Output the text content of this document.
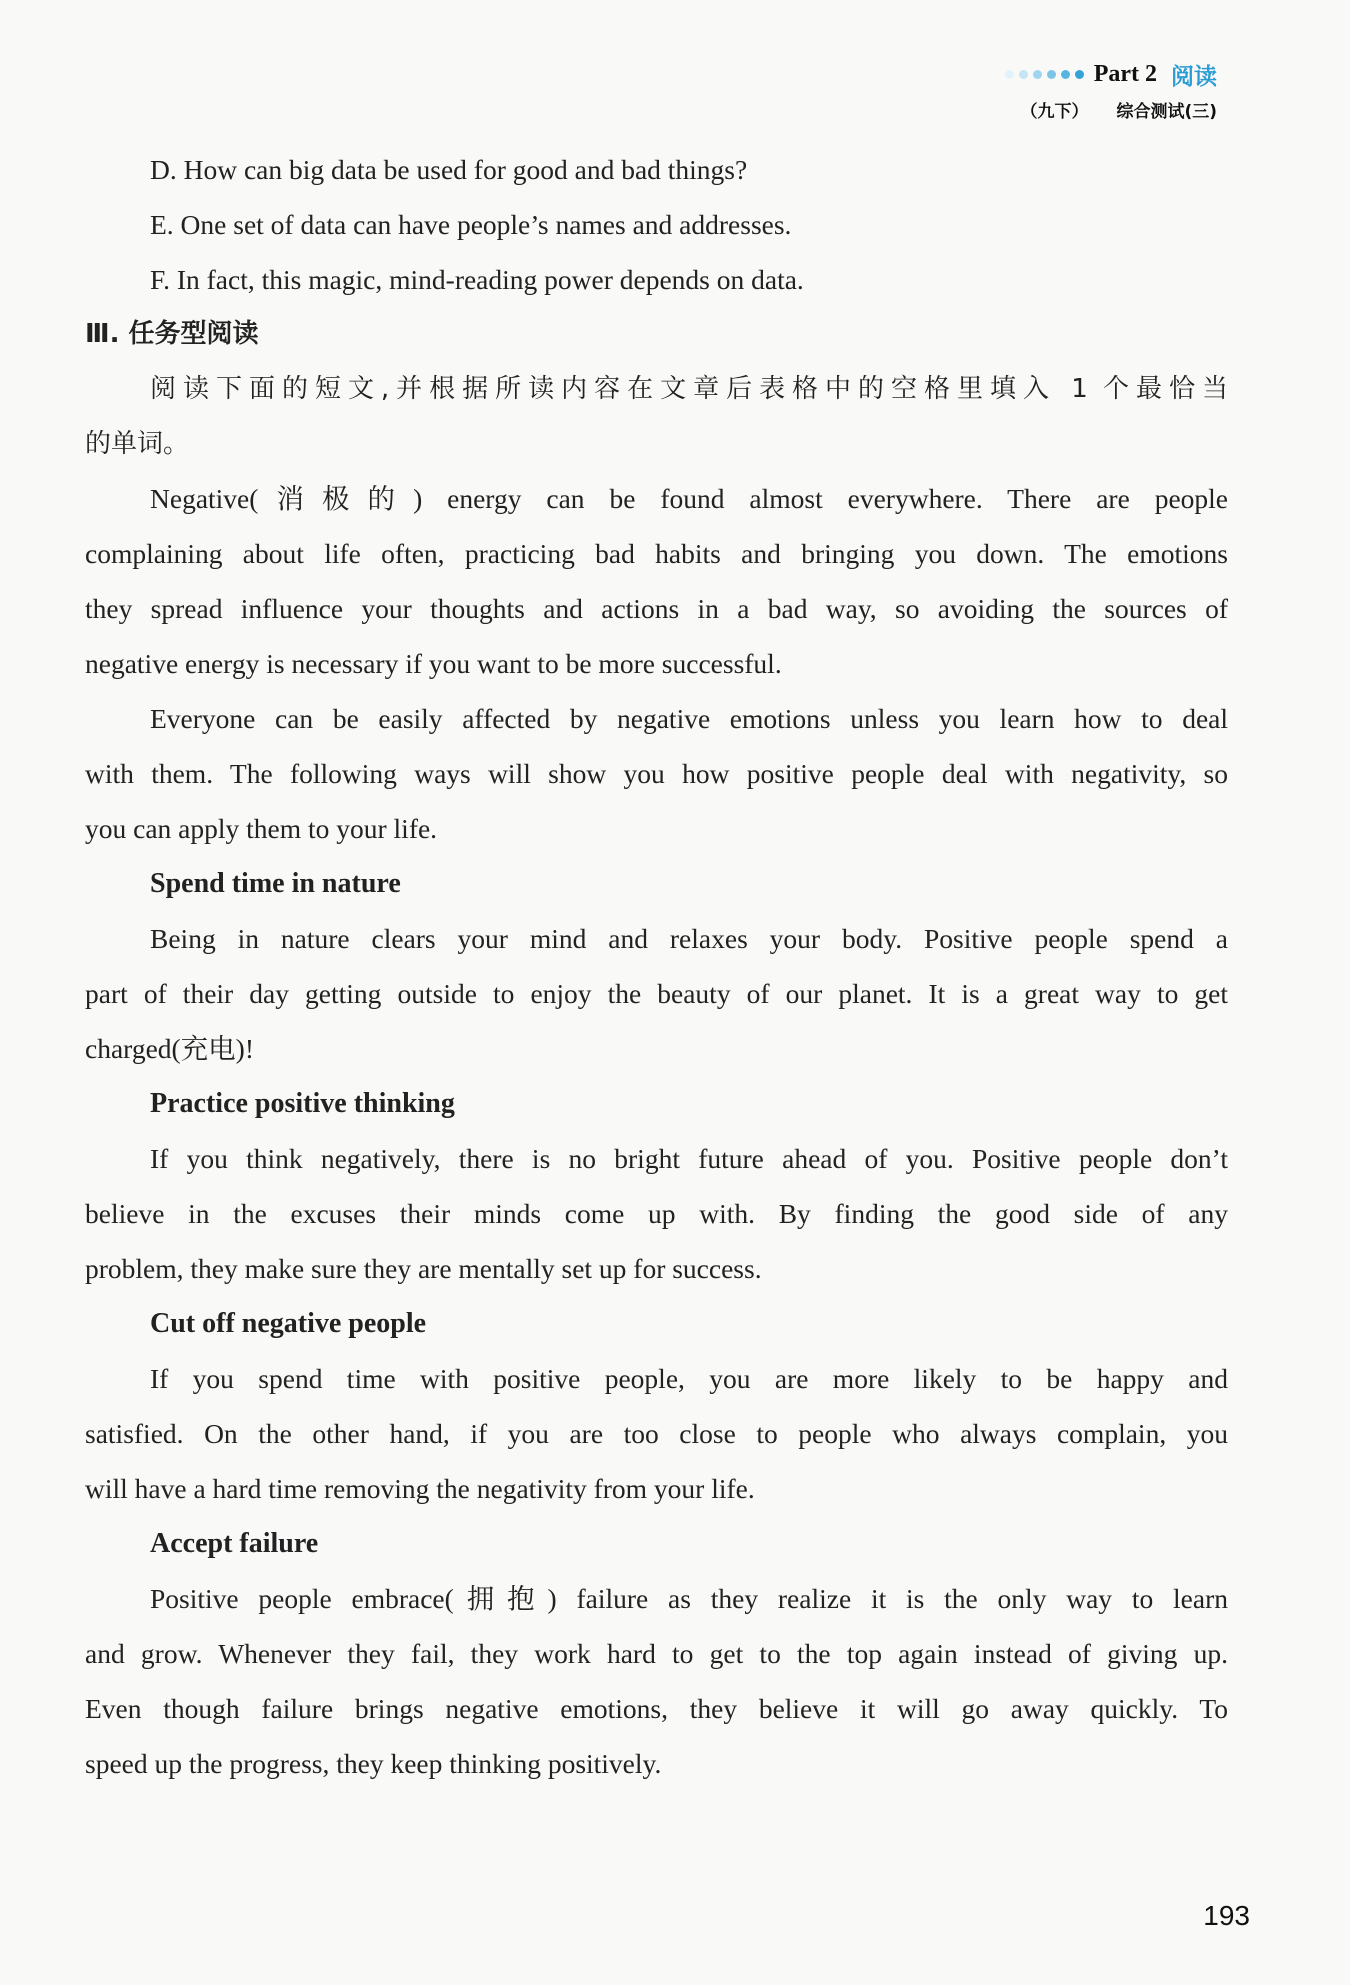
Part 2 阅读
（九下） 综合测试(三)
D. How can big data be used for good and bad things?
E. One set of data can have people’s names and addresses.
F. In fact, this magic, mind-reading power depends on data.
Ⅲ. 任务型阅读
阅读下面的短文,并根据所读内容在文章后表格中的空格里填入 1 个最恰当
的单词。
Negative(消极的) energy can be found almost everywhere. There are people
complaining about life often, practicing bad habits and bringing you down. The emotions
they spread influence your thoughts and actions in a bad way, so avoiding the sources of
negative energy is necessary if you want to be more successful.
Everyone can be easily affected by negative emotions unless you learn how to deal
with them. The following ways will show you how positive people deal with negativity, so
you can apply them to your life.
Spend time in nature
Being in nature clears your mind and relaxes your body. Positive people spend a
part of their day getting outside to enjoy the beauty of our planet. It is a great way to get
charged(充电)!
Practice positive thinking
If you think negatively, there is no bright future ahead of you. Positive people don’t
believe in the excuses their minds come up with. By finding the good side of any
problem, they make sure they are mentally set up for success.
Cut off negative people
If you spend time with positive people, you are more likely to be happy and
satisfied. On the other hand, if you are too close to people who always complain, you
will have a hard time removing the negativity from your life.
Accept failure
Positive people embrace(拥抱) failure as they realize it is the only way to learn
and grow. Whenever they fail, they work hard to get to the top again instead of giving up.
Even though failure brings negative emotions, they believe it will go away quickly. To
speed up the progress, they keep thinking positively.
193
